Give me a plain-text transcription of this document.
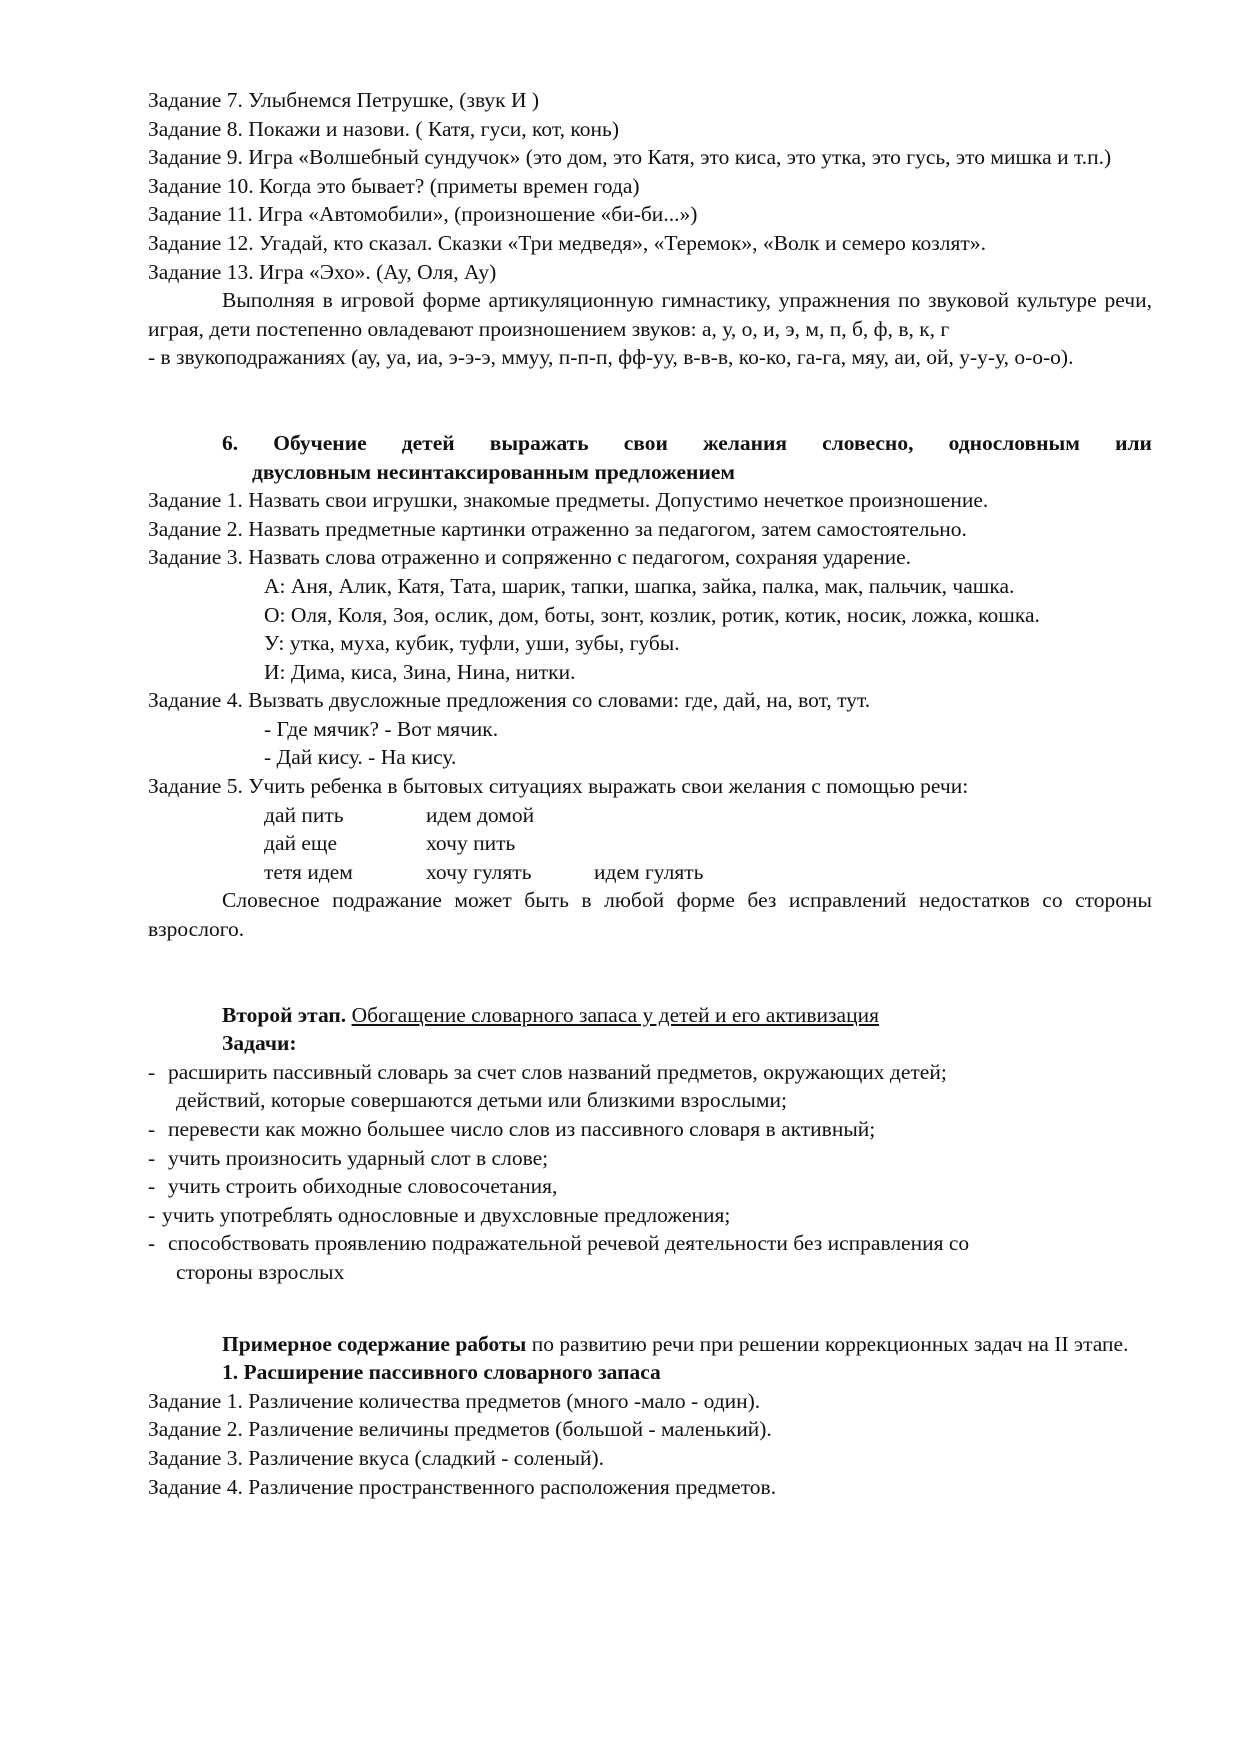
Задание 7. Улыбнемся Петрушке, (звук И )
Задание 8. Покажи и назови. ( Катя, гуси, кот, конь)
Задание 9. Игра «Волшебный сундучок» (это дом, это Катя, это киса, это утка, это гусь, это мишка и т.п.)
Задание 10. Когда это бывает? (приметы времен года)
Задание 11. Игра «Автомобили», (произношение «би-би...»)
Задание 12. Угадай, кто сказал. Сказки «Три медведя», «Теремок», «Волк и семеро козлят».
Задание 13. Игра «Эхо». (Ау, Оля, Ау)
Выполняя в игровой форме артикуляционную гимнастику, упражнения по звуковой культуре речи, играя, дети постепенно овладевают произношением звуков: а, у, о, и, э, м, п, б, ф, в, к, г
- в звукоподражаниях (ау, уа, иа, э-э-э, ммуу, п-п-п, фф-уу, в-в-в, ко-ко, га-га, мяу, аи, ой, у-у-у, о-о-о).
6. Обучение детей выражать свои желания словесно, однословным или
двусловным несинтаксированным предложением
Задание 1. Назвать свои игрушки, знакомые предметы. Допустимо нечеткое произношение.
Задание 2. Назвать предметные картинки отраженно за педагогом, затем самостоятельно.
Задание 3. Назвать слова отраженно и сопряженно с педагогом, сохраняя ударение.
А: Аня, Алик, Катя, Тата, шарик, тапки, шапка, зайка, палка, мак, пальчик, чашка.
О: Оля, Коля, Зоя, ослик, дом, боты, зонт, козлик, ротик, котик, носик, ложка, кошка.
У: утка, муха, кубик, туфли, уши, зубы, губы.
И: Дима, киса, Зина, Нина, нитки.
Задание 4. Вызвать двусложные предложения со словами: где, дай, на, вот, тут.
- Где мячик? - Вот мячик.
- Дай кису. - На кису.
Задание 5. Учить ребенка в бытовых ситуациях выражать свои желания с помощью речи:
дай пить	идем домой
дай еще	хочу пить
тетя идем	хочу гулять	идем гулять
Словесное подражание может быть в любой форме без исправлений недостатков со стороны взрослого.
Второй этап. Обогащение словарного запаса у детей и его активизация
Задачи:
- расширить пассивный словарь за счет слов названий предметов, окружающих детей;
действий, которые совершаются детьми или близкими взрослыми;
- перевести как можно большее число слов из пассивного словаря в активный;
- учить произносить ударный слот в слове;
- учить строить обиходные словосочетания,
- учить употреблять однословные и двухсловные предложения;
- способствовать проявлению подражательной речевой деятельности без исправления со
стороны взрослых
Примерное содержание работы по развитию речи при решении коррекционных задач на II этапе.
1. Расширение пассивного словарного запаса
Задание 1. Различение количества предметов (много -мало - один).
Задание 2. Различение величины предметов (большой - маленький).
Задание 3. Различение вкуса (сладкий - соленый).
Задание 4. Различение пространственного расположения предметов.
